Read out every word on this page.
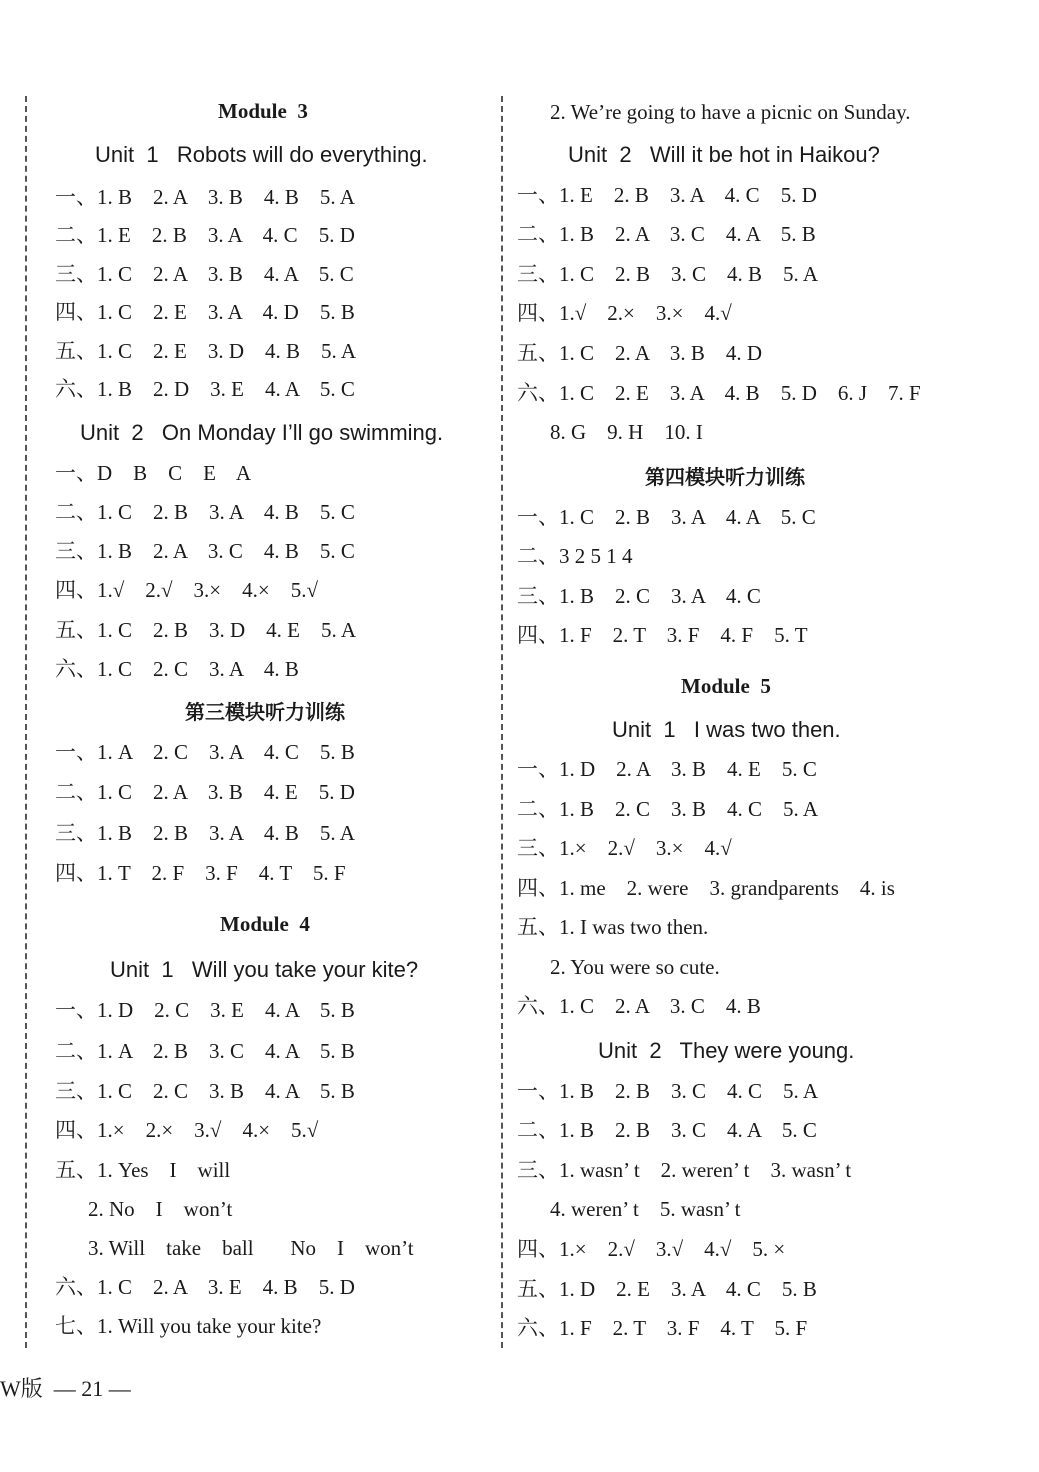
Module  3
Unit  1   Robots will do everything.
一、1. B    2. A    3. B    4. B    5. A
二、1. E    2. B    3. A    4. C    5. D
三、1. C    2. A    3. B    4. A    5. C
四、1. C    2. E    3. A    4. D    5. B
五、1. C    2. E    3. D    4. B    5. A
六、1. B    2. D    3. E    4. A    5. C
Unit  2   On Monday I’ll go swimming.
一、D    B    C    E    A
二、1. C    2. B    3. A    4. B    5. C
三、1. B    2. A    3. C    4. B    5. C
四、1.√    2.√    3.×    4.×    5.√
五、1. C    2. B    3. D    4. E    5. A
六、1. C    2. C    3. A    4. B
第三模块听力训练
一、1. A    2. C    3. A    4. C    5. B
二、1. C    2. A    3. B    4. E    5. D
三、1. B    2. B    3. A    4. B    5. A
四、1. T    2. F    3. F    4. T    5. F
Module  4
Unit  1   Will you take your kite?
一、1. D    2. C    3. E    4. A    5. B
二、1. A    2. B    3. C    4. A    5. B
三、1. C    2. C    3. B    4. A    5. B
四、1.×    2.×    3.√    4.×    5.√
五、1. Yes    I    will
2. No    I    won’t
3. Will    take    ball       No    I    won’t
六、1. C    2. A    3. E    4. B    5. D
七、1. Will you take your kite?
2. We’re going to have a picnic on Sunday.
Unit  2   Will it be hot in Haikou?
一、1. E    2. B    3. A    4. C    5. D
二、1. B    2. A    3. C    4. A    5. B
三、1. C    2. B    3. C    4. B    5. A
四、1.√    2.×    3.×    4.√
五、1. C    2. A    3. B    4. D
六、1. C    2. E    3. A    4. B    5. D    6. J    7. F
8. G    9. H    10. I
第四模块听力训练
一、1. C    2. B    3. A    4. A    5. C
二、3 2 5 1 4
三、1. B    2. C    3. A    4. C
四、1. F    2. T    3. F    4. F    5. T
Module  5
Unit  1   I was two then.
一、1. D    2. A    3. B    4. E    5. C
二、1. B    2. C    3. B    4. C    5. A
三、1.×    2.√    3.×    4.√
四、1. me    2. were    3. grandparents    4. is
五、1. I was two then.
2. You were so cute.
六、1. C    2. A    3. C    4. B
Unit  2   They were young.
一、1. B    2. B    3. C    4. C    5. A
二、1. B    2. B    3. C    4. A    5. C
三、1. wasn’ t    2. weren’ t    3. wasn’ t
4. weren’ t    5. wasn’ t
四、1.×    2.√    3.√    4.√    5. ×
五、1. D    2. E    3. A    4. C    5. B
六、1. F    2. T    3. F    4. T    5. F
W版  — 21 —
